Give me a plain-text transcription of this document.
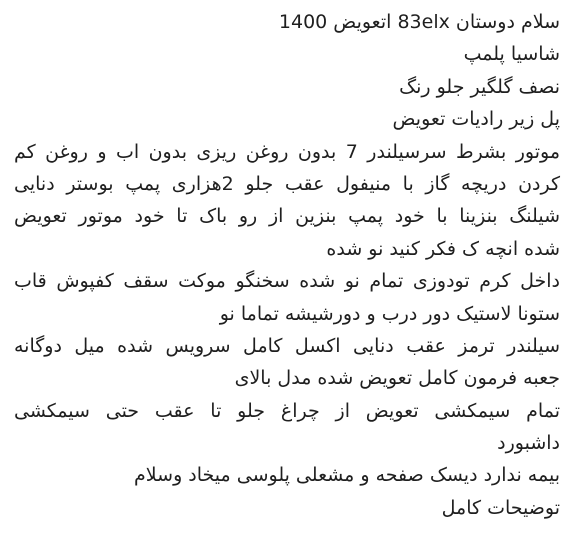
سلام دوستان 83elx اتعویض 1400
شاسیا پلمپ
نصف گلگیر جلو رنگ
پل زیر رادیات تعویض
موتور بشرط سرسیلندر 7 بدون روغن ریزی بدون اب و روغن کم
کردن دریچه گاز با منیفول عقب جلو 2هزاری پمپ بوستر دنایی
شیلنگ بنزینا با خود پمپ بنزین از رو باک تا خود موتور تعویض
شده انچه ک فکر کنید نو شده
داخل کرم تودوزی تمام نو شده سخنگو موکت سقف کفپوش قاب
ستونا لاستیک دور درب و دورشیشه تماما نو
سیلندر ترمز عقب دنایی اکسل کامل سرویس شده میل دوگانه
جعبه فرمون کامل تعویض شده مدل بالای
تمام سیمکشی تعویض از چراغ جلو تا عقب حتی سیمکشی
داشبورد
بیمه ندارد دیسک صفحه و مشعلی پلوسی میخاد وسلام
توضیحات کامل
